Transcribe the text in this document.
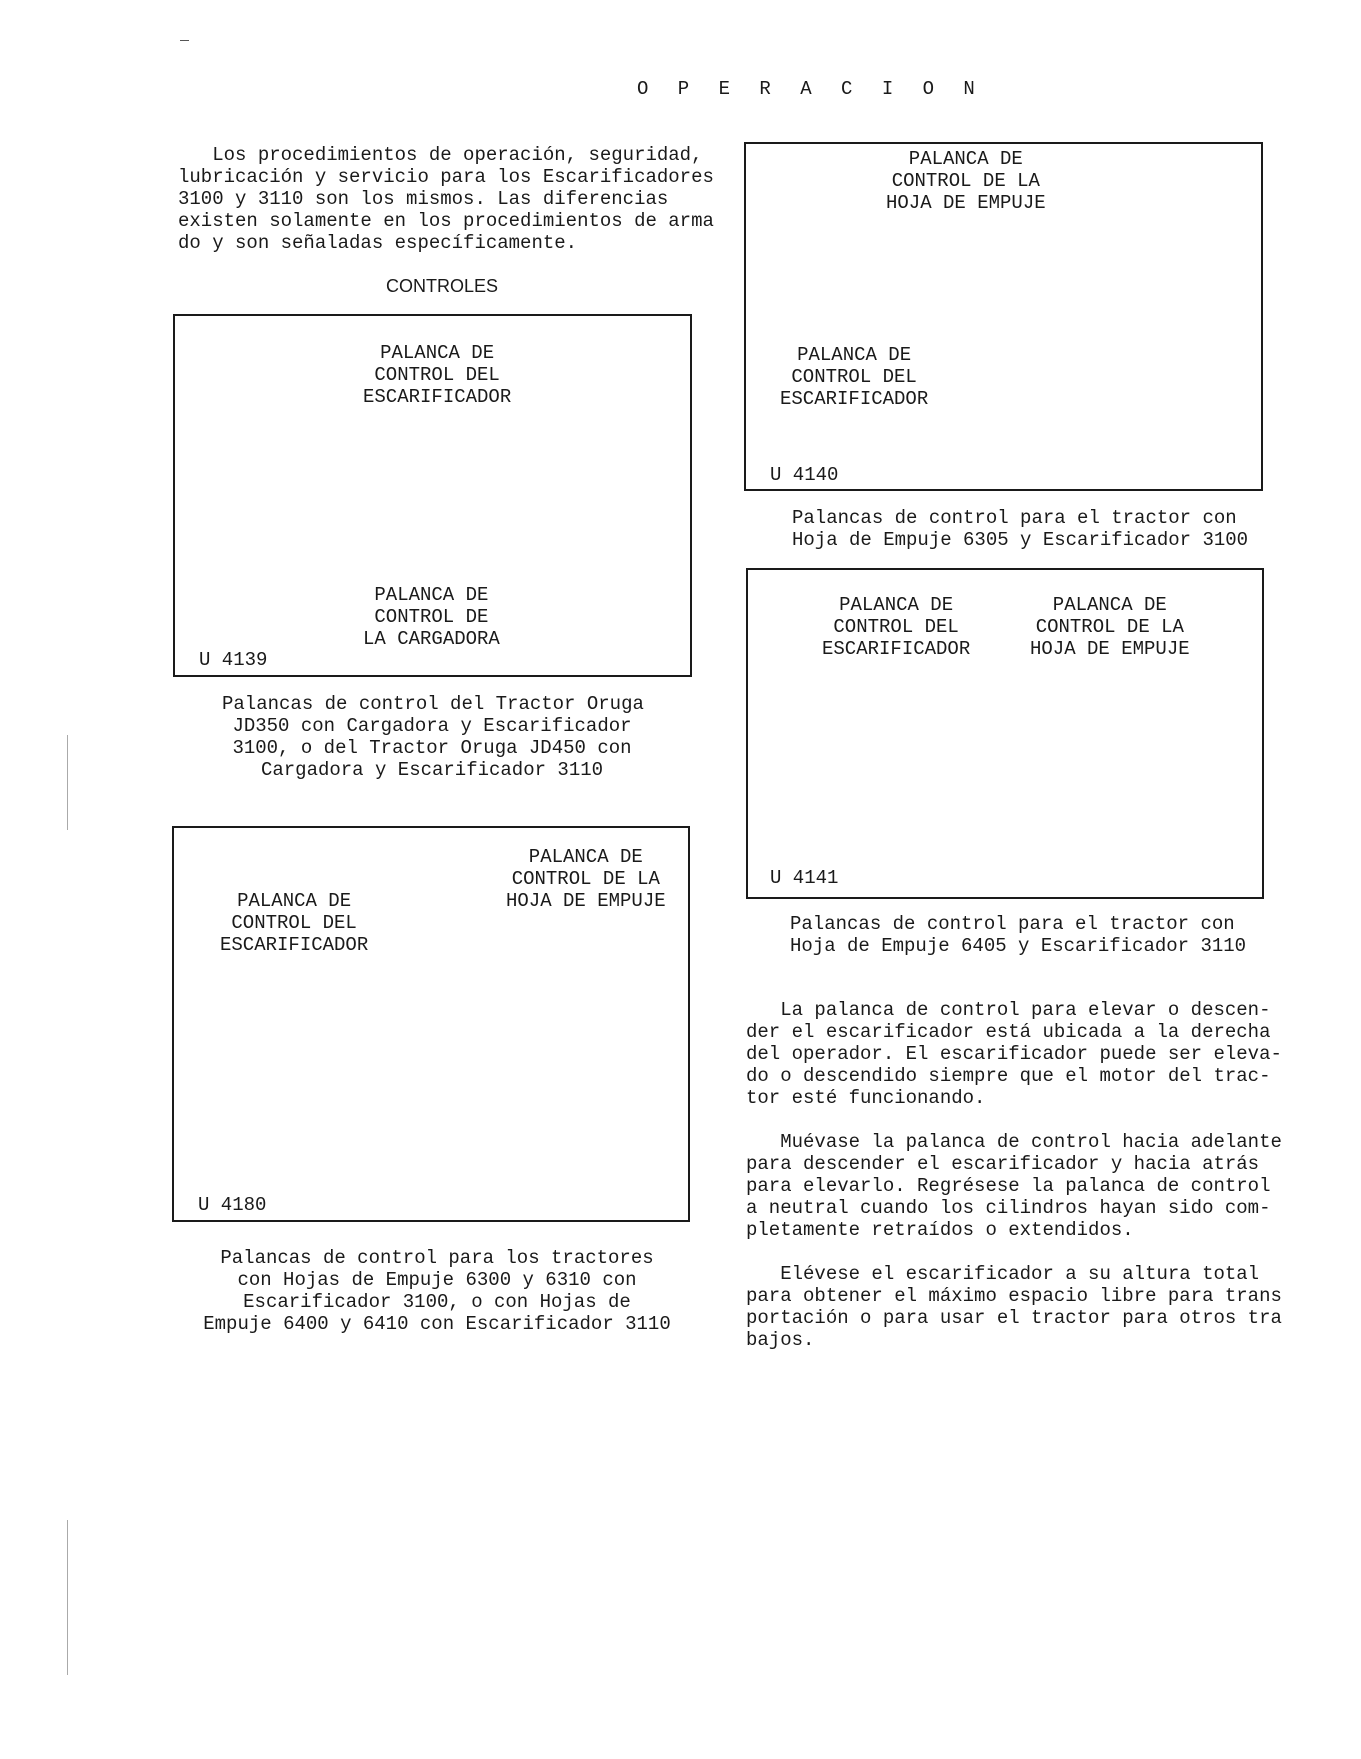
O P E R A C I O N
Los procedimientos de operación, seguridad,
lubricación y servicio para los Escarificadores
3100 y 3110 son los mismos. Las diferencias
existen solamente en los procedimientos de arma
do y son señaladas específicamente.
CONTROLES
PALANCA DE
CONTROL DEL
ESCARIFICADOR
PALANCA DE
CONTROL DE
LA CARGADORA
U 4139
Palancas de control del Tractor Oruga
JD350 con Cargadora y Escarificador
3100, o del Tractor Oruga JD450 con
Cargadora y Escarificador 3110
PALANCA DE
CONTROL DE LA
HOJA DE EMPUJE
PALANCA DE
CONTROL DEL
ESCARIFICADOR
U 4180
Palancas de control para los tractores
con Hojas de Empuje 6300 y 6310 con
Escarificador 3100, o con Hojas de
Empuje 6400 y 6410 con Escarificador 3110
PALANCA DE
CONTROL DE LA
HOJA DE EMPUJE
PALANCA DE
CONTROL DEL
ESCARIFICADOR
U 4140
Palancas de control para el tractor con
Hoja de Empuje 6305 y Escarificador 3100
PALANCA DE
CONTROL DEL
ESCARIFICADOR
PALANCA DE
CONTROL DE LA
HOJA DE EMPUJE
U 4141
Palancas de control para el tractor con
Hoja de Empuje 6405 y Escarificador 3110
La palanca de control para elevar o descen-
der el escarificador está ubicada a la derecha
del operador. El escarificador puede ser eleva-
do o descendido siempre que el motor del trac-
tor esté funcionando.
Muévase la palanca de control hacia adelante
para descender el escarificador y hacia atrás
para elevarlo. Regrésese la palanca de control
a neutral cuando los cilindros hayan sido com-
pletamente retraídos o extendidos.
Elévese el escarificador a su altura total
para obtener el máximo espacio libre para trans
portación o para usar el tractor para otros tra
bajos.
